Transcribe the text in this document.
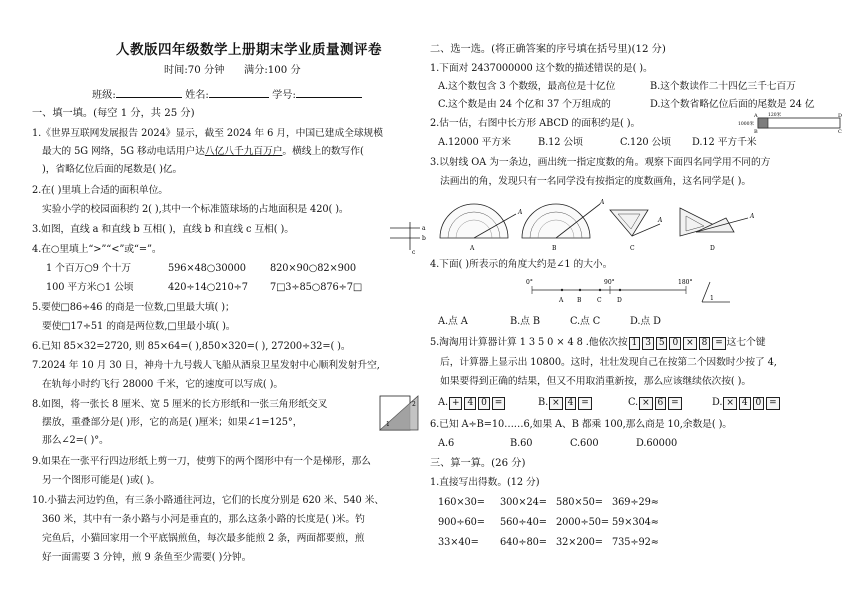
人教版四年级数学上册期末学业质量测评卷
时间:70 分钟 满分:100 分
班级:	姓名:	学号:
一、填一填。(每空 1 分，共 25 分)
1.《世界互联网发展报告 2024》显示，截至 2024 年 6 月，中国已建成全球规模
最大的 5G 网络，5G 移动电话用户达八亿八千九百万户。横线上的数写作(
)，省略亿位后面的尾数是( )亿。
2.在( )里填上合适的面积单位。
实验小学的校园面积约 2( ),其中一个标准篮球场的占地面积是 420( )。
3.如图，直线 a 和直线 b 互相( )，直线 b 和直线 c 互相( )。	a
b
c
4.在○里填上“>”“<”或“=”。
1 个百万○9 个十万	596×48○30000 820×90○82×900
100 平方米○1 公顷	420÷14○210÷7 7□3÷85○876÷7□
5.要使□86÷46 的商是一位数,□里最大填( )；
要使□17÷51 的商是两位数,□里最小填( )。
6.已知 85×32=2720, 则 85×64=( ),850×320=( ), 27200÷32=( )。
7.2024 年 10 月 30 日，神舟十九号载人飞船从酒泉卫星发射中心顺利发射升空,
在轨每小时约飞行 28000 千米，它的速度可以写成( )。
8.如图，将一张长 8 厘米、宽 5 厘米的长方形纸和一张三角形纸交叉
摆放，重叠部分是( )形，它的高是( )厘米；如果∠1=125°，
那么∠2=( )°。
1
2
9.如果在一张平行四边形纸上剪一刀，使剪下的两个图形中有一个是梯形，那么
另一个图形可能是( )或( )。
10.小猫去河边钓鱼，有三条小路通往河边，它们的长度分别是 620 米、540 米、
360 米，其中有一条小路与小河是垂直的，那么这条小路的长度是( )米。钓
完鱼后，小猫回家用一个平底锅煎鱼，每次最多能煎 2 条，两面都要煎，煎
好一面需要 3 分钟，煎 9 条鱼至少需要( )分钟。
二、选一选。(将正确答案的序号填在括号里)(12 分)
1.下面对 2437000000 这个数的描述错误的是( )。
A.这个数包含 3 个数级，最高位是十亿位	B.这个数读作二十四亿三千七百万
C.这个数是由 24 个亿和 37 个万组成的	D.这个数省略亿位后面的尾数是 24 亿
2.估一估，右图中长方形 ABCD 的面积约是( )。
A.12000 平方米	B.12 公顷	C.120 公顷 D.12 平方千米
A	D
B	C
1000米
120米
3.以射线 OA 为一条边，画出统一指定度数的角。观察下面四名同学用不同的方
法画出的角，发现只有一名同学没有按指定的度数画角，这名同学是( )。
A
A
A
B
A
C
A
D
4.下面( )所表示的角度大约是∠1 的大小。
0°	90°	180°
A B	C	D	1
A.点 A	B.点 B	C.点 C	D.点 D
5.淘淘用计算器计算 1 3 5 0 × 4 8 .他依次按 1 3 5 0 × 8 = 这七个键
后，计算器上显示出 10800。这时，壮壮发现自己在按第二个因数时少按了 4,
如果要得到正确的结果，但又不用取消重新按，那么应该继续依次按( )。
A. + 4 0 =	B. × 4 =	C. × 6 =	D. × 4 0 =
6.已知 A÷B=10……6,如果 A、B 都乘 100,那么商是 10,余数是( )。
A.6	B.60	C.600	D.60000
三、算一算。(26 分)
1.直接写出得数。(12 分)
160×30= 300×24= 580×50= 369÷29≈
900÷60= 560÷40= 2000÷50= 59×304≈
33×40= 640÷80= 32×200= 735÷92≈
